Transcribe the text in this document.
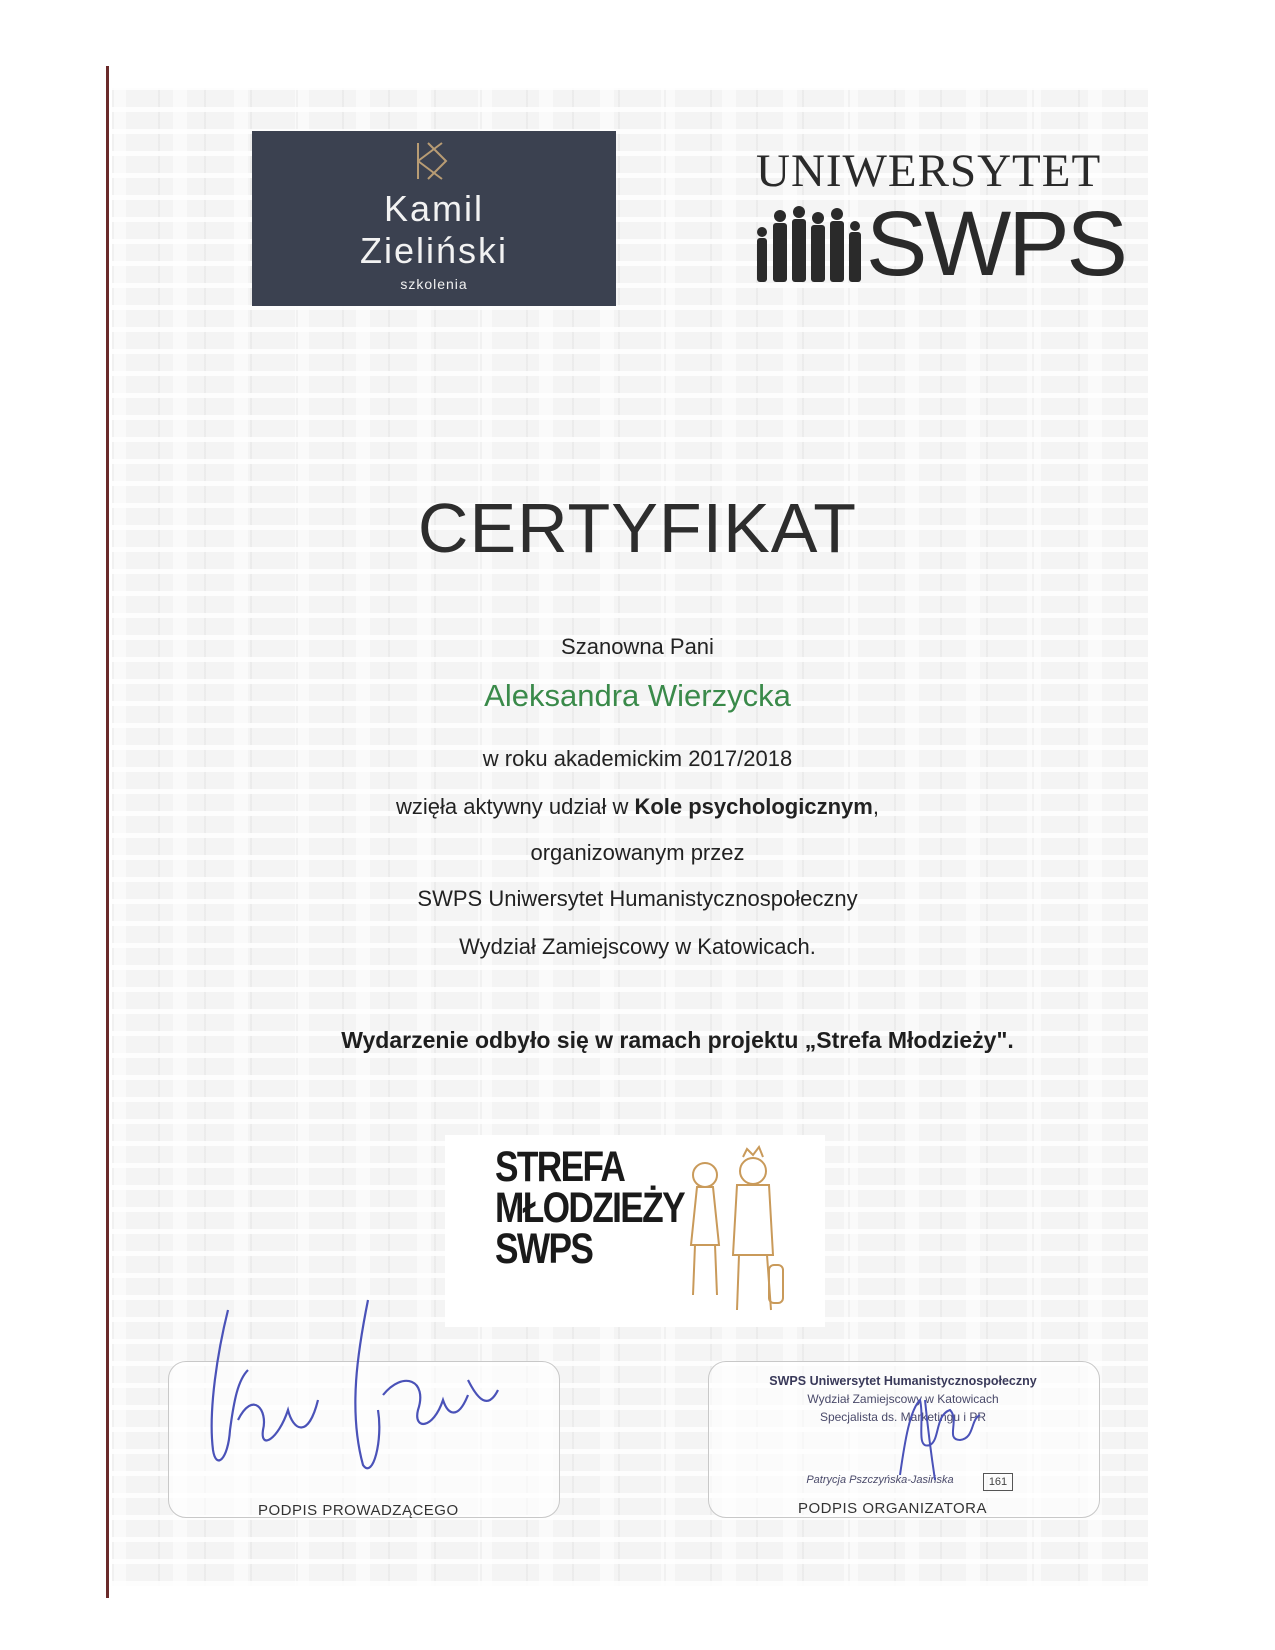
Kamil
Zieliński
szkolenia
UNIWERSYTET
SWPS
CERTYFIKAT
Szanowna Pani
Aleksandra Wierzycka
w roku akademickim 2017/2018
wzięła aktywny udział w Kole psychologicznym,
organizowanym przez
SWPS Uniwersytet Humanistycznospołeczny
Wydział Zamiejscowy w Katowicach.
Wydarzenie odbyło się w ramach projektu „Strefa Młodzieży".
STREFA
MŁODZIEŻY
SWPS
PODPIS PROWADZĄCEGO
SWPS Uniwersytet Humanistycznospołeczny
Wydział Zamiejscowy w Katowicach
Specjalista ds. Marketingu i PR
Patrycja Pszczyńska-Jasińska	161
PODPIS ORGANIZATORA
